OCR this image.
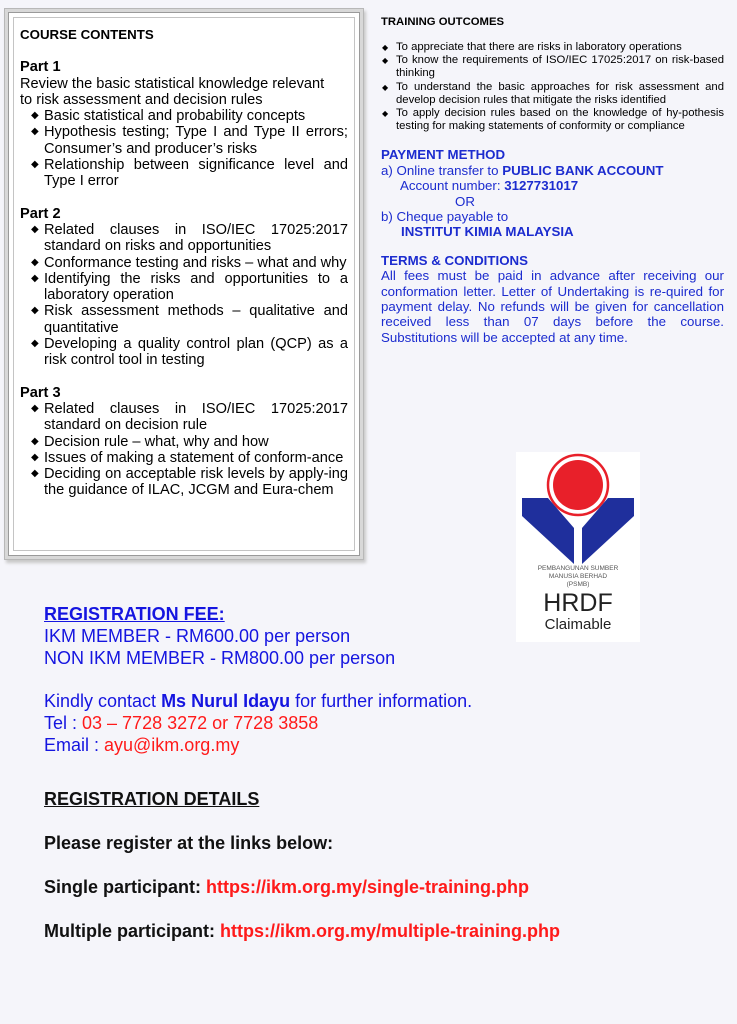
COURSE CONTENTS
Part 1
Review the basic statistical knowledge relevant
to risk assessment and decision rules
◆ Basic statistical and probability concepts
◆ Hypothesis testing; Type I and Type II errors; Consumer’s and producer’s risks
◆ Relationship between significance level and Type I error
Part 2
◆ Related clauses in ISO/IEC 17025:2017 standard on risks and opportunities
◆ Conformance testing and risks – what and why
◆ Identifying the risks and opportunities to a laboratory operation
◆ Risk assessment methods – qualitative and quantitative
◆ Developing a quality control plan (QCP) as a risk control tool in testing
Part 3
◆ Related clauses in ISO/IEC 17025:2017 standard on decision rule
◆ Decision rule – what, why and how
◆ Issues of making a statement of conform-ance
◆ Deciding on acceptable risk levels by apply-ing the guidance of ILAC, JCGM and Eura-chem
TRAINING OUTCOMES
◆ To appreciate that there are risks in laboratory operations
◆ To know the requirements of ISO/IEC 17025:2017 on risk-based thinking
◆ To understand the basic approaches for risk assessment and develop decision rules that mitigate the risks identified
◆ To apply decision rules based on the knowledge of hy-pothesis testing for making statements of conformity or compliance
PAYMENT METHOD
a) Online transfer to PUBLIC BANK ACCOUNT
Account number: 3127731017
OR
b) Cheque payable to
INSTITUT KIMIA MALAYSIA
TERMS & CONDITIONS
All fees must be paid in advance after receiving our conformation letter. Letter of Undertaking is re-quired for payment delay. No refunds will be given for cancellation received less than 07 days before the course. Substitutions will be accepted at any time.
PEMBANGUNAN SUMBER
MANUSIA BERHAD
(PSMB)
HRDF
Claimable
REGISTRATION FEE:
IKM MEMBER - RM600.00 per person
NON IKM MEMBER - RM800.00 per person
Kindly contact Ms Nurul Idayu for further information.
Tel : 03 – 7728 3272 or 7728 3858
Email : ayu@ikm.org.my
REGISTRATION DETAILS
Please register at the links below:
Single participant: https://ikm.org.my/single-training.php
Multiple participant: https://ikm.org.my/multiple-training.php
